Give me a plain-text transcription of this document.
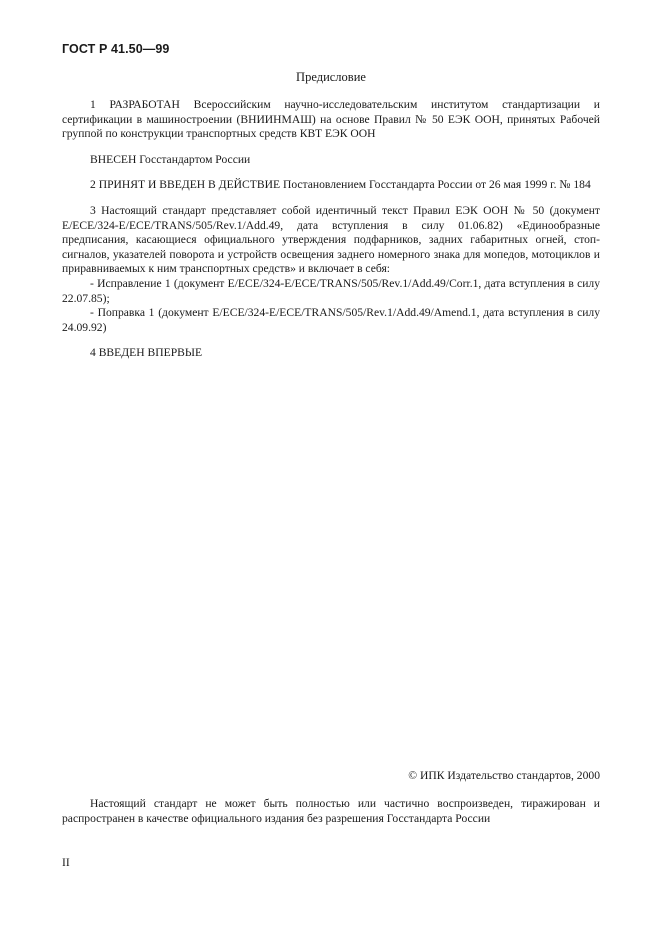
ГОСТ Р 41.50—99
Предисловие

1 РАЗРАБОТАН Всероссийским научно-исследовательским институтом стандартизации и сертификации в машиностроении (ВНИИНМАШ) на основе Правил № 50 ЕЭК ООН, принятых Рабочей группой по конструкции транспортных средств КВТ ЕЭК ООН

ВНЕСЕН Госстандартом России

2 ПРИНЯТ И ВВЕДЕН В ДЕЙСТВИЕ Постановлением Госстандарта России от 26 мая 1999 г. № 184

3 Настоящий стандарт представляет собой идентичный текст Правил ЕЭК ООН № 50 (документ E/ECE/324-E/ECE/TRANS/505/Rev.1/Add.49, дата вступления в силу 01.06.82) «Единообразные предписания, касающиеся официального утверждения подфарников, задних габаритных огней, стоп-сигналов, указателей поворота и устройств освещения заднего номерного знака для мопедов, мотоциклов и приравниваемых к ним транспортных средств» и включает в себя:

- Исправление 1 (документ E/ECE/324-E/ECE/TRANS/505/Rev.1/Add.49/Corr.1, дата вступления в силу 22.07.85);

- Поправка 1 (документ E/ECE/324-E/ECE/TRANS/505/Rev.1/Add.49/Amend.1, дата вступления в силу 24.09.92)

4 ВВЕДЕН ВПЕРВЫЕ

© ИПК Издательство стандартов, 2000

Настоящий стандарт не может быть полностью или частично воспроизведен, тиражирован и распространен в качестве официального издания без разрешения Госстандарта России

II
